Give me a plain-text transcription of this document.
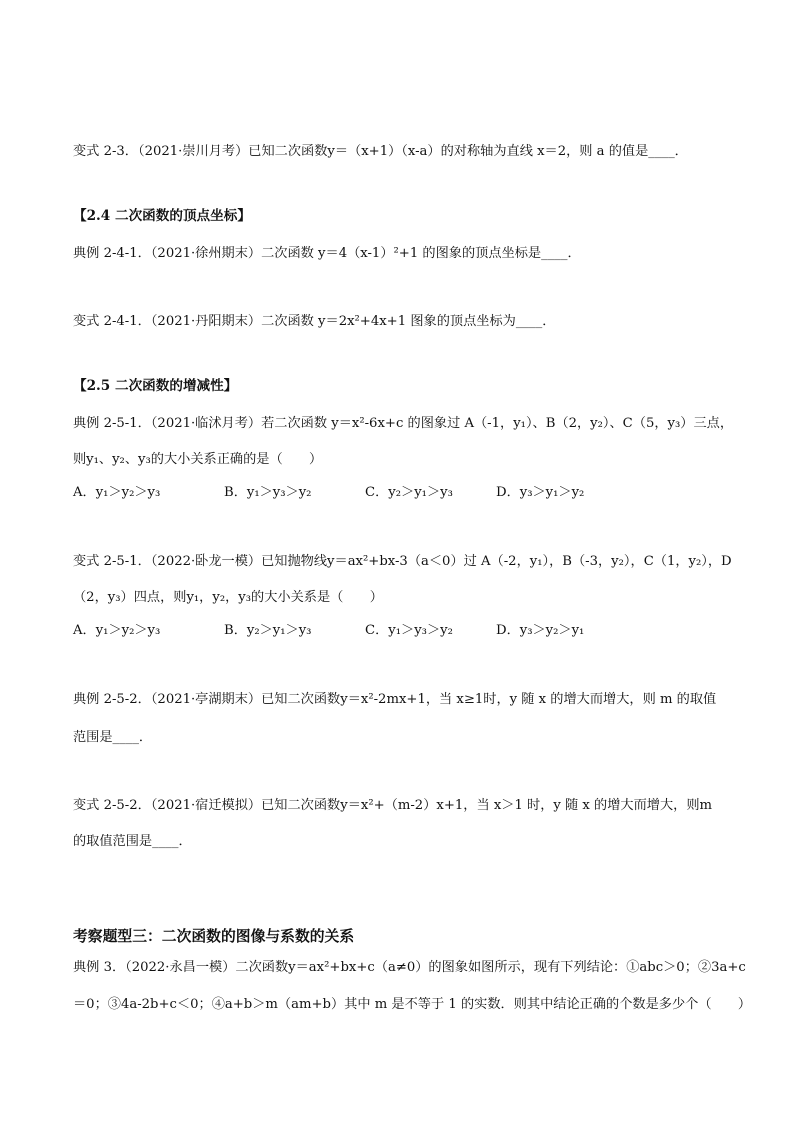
变式 2-3．（2021·崇川月考）已知二次函数y＝（x+1）（x-a）的对称轴为直线 x＝2，则 a 的值是____．
【2.4 二次函数的顶点坐标】
典例 2-4-1．（2021·徐州期末）二次函数 y＝4（x-1）²+1 的图象的顶点坐标是____．
变式 2-4-1．（2021·丹阳期末）二次函数 y＝2x²+4x+1 图象的顶点坐标为____．
【2.5 二次函数的增减性】
典例 2-5-1．（2021·临沭月考）若二次函数 y＝x²-6x+c 的图象过 A（-1，y₁）、B（2，y₂）、C（5，y₃）三点，
则y₁、y₂、y₃的大小关系正确的是（　　）
A．y₁＞y₂＞y₃	B．y₁＞y₃＞y₂	C．y₂＞y₁＞y₃	D．y₃＞y₁＞y₂
变式 2-5-1．（2022·卧龙一模）已知抛物线y＝ax²+bx-3（a＜0）过 A（-2，y₁），B（-3，y₂），C（1，y₂），D
（2，y₃）四点，则y₁，y₂，y₃的大小关系是（　　）
A．y₁＞y₂＞y₃	B．y₂＞y₁＞y₃	C．y₁＞y₃＞y₂	D．y₃＞y₂＞y₁
典例 2-5-2．（2021·亭湖期末）已知二次函数y＝x²-2mx+1，当 x≥1时，y 随 x 的增大而增大，则 m 的取值
范围是____．
变式 2-5-2．（2021·宿迁模拟）已知二次函数y＝x²+（m-2）x+1，当 x＞1 时，y 随 x 的增大而增大，则m
的取值范围是____．
考察题型三：二次函数的图像与系数的关系
典例 3．（2022·永昌一模）二次函数y＝ax²+bx+c（a≠0）的图象如图所示，现有下列结论：①abc＞0；②3a+c
＝0；③4a-2b+c＜0；④a+b＞m（am+b）其中 m 是不等于 1 的实数．则其中结论正确的个数是多少个（　　）
